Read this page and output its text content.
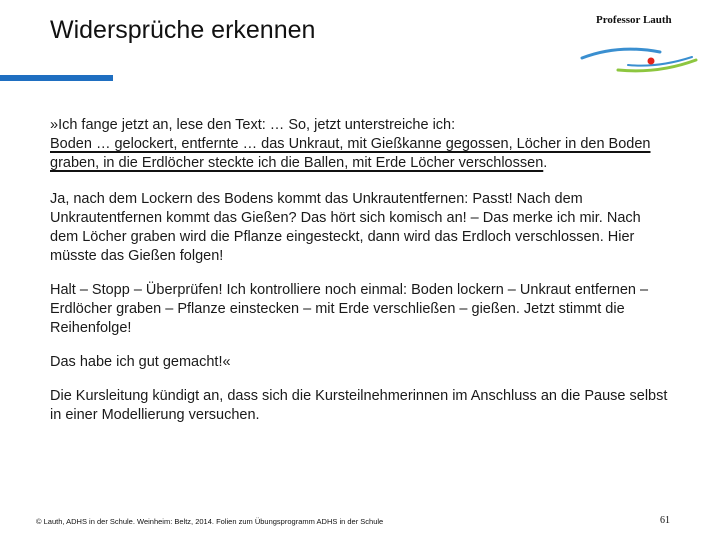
Widersprüche erkennen	Professor Lauth

»Ich fange jetzt an, lese den Text: … So, jetzt unterstreiche ich:
Boden … gelockert, entfernte … das Unkraut, mit Gießkanne gegossen, Löcher in den Boden graben, in die Erdlöcher steckte ich die Ballen, mit Erde Löcher verschlossen.

Ja, nach dem Lockern des Bodens kommt das Unkrautentfernen: Passt! Nach dem Unkrautentfernen kommt das Gießen? Das hört sich komisch an! – Das merke ich mir. Nach dem Löcher graben wird die Pflanze eingesteckt, dann wird das Erdloch verschlossen. Hier müsste das Gießen folgen!

Halt – Stopp – Überprüfen! Ich kontrolliere noch einmal: Boden lockern – Unkraut entfernen – Erdlöcher graben – Pflanze einstecken – mit Erde verschließen – gießen. Jetzt stimmt die Reihenfolge!

Das habe ich gut gemacht!«

Die Kursleitung kündigt an, dass sich die Kursteilnehmerinnen im Anschluss an die Pause selbst in einer Modellierung versuchen.

© Lauth, ADHS in der Schule. Weinheim: Beltz, 2014. Folien zum Übungsprogramm ADHS in der Schule	61
